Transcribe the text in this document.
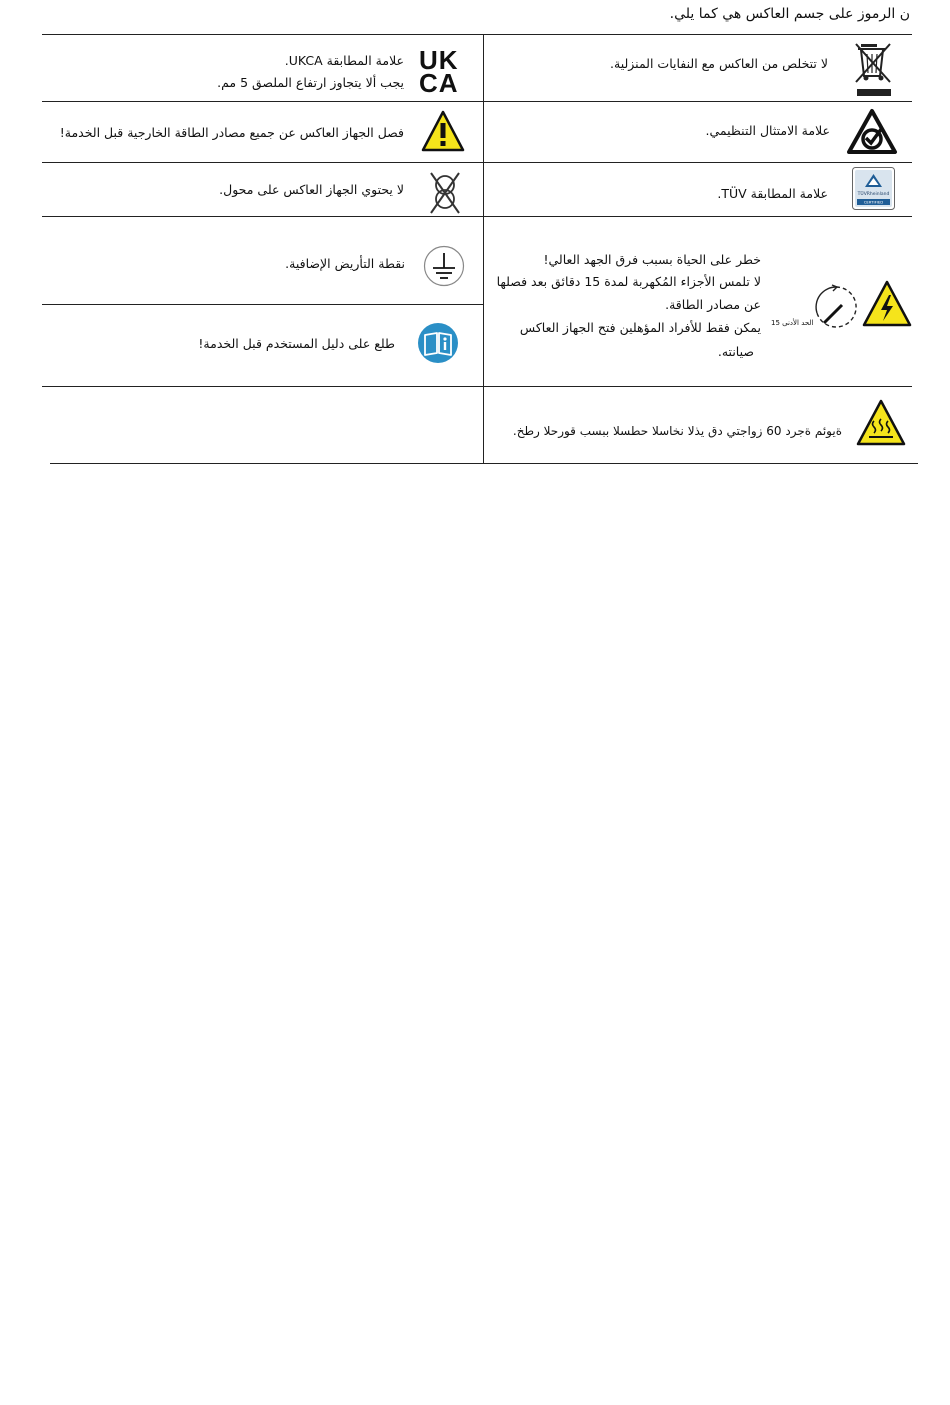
ن الرموز على جسم العاكس هي كما يلي.
لا تتخلص من العاكس مع النفايات المنزلية.
UK
CA
علامة المطابقة UKCA.
يجب ألا يتجاوز ارتفاع الملصق 5 مم.
علامة الامتثال التنظيمي.
فصل الجهاز العاكس عن جميع مصادر الطاقة الخارجية قبل الخدمة!
TÜVRheinland
CERTIFIED
علامة المطابقة TÜV.
لا يحتوي الجهاز العاكس على محول.
15 الحد الأدنى
خطر على الحياة بسبب فرق الجهد العالي!
لا تلمس الأجزاء المُكهربة لمدة 15 دقائق بعد فصلها
عن مصادر الطاقة.
يمكن فقط للأفراد المؤهلين فتح الجهاز العاكس
صيانته.
نقطة التأريض الإضافية.
طلع على دليل المستخدم قبل الخدمة!
ةيوئم ةجرد 60 زواجتي دق يذلا نخاسلا حطسلا ببسب قورحلا رطخ.
